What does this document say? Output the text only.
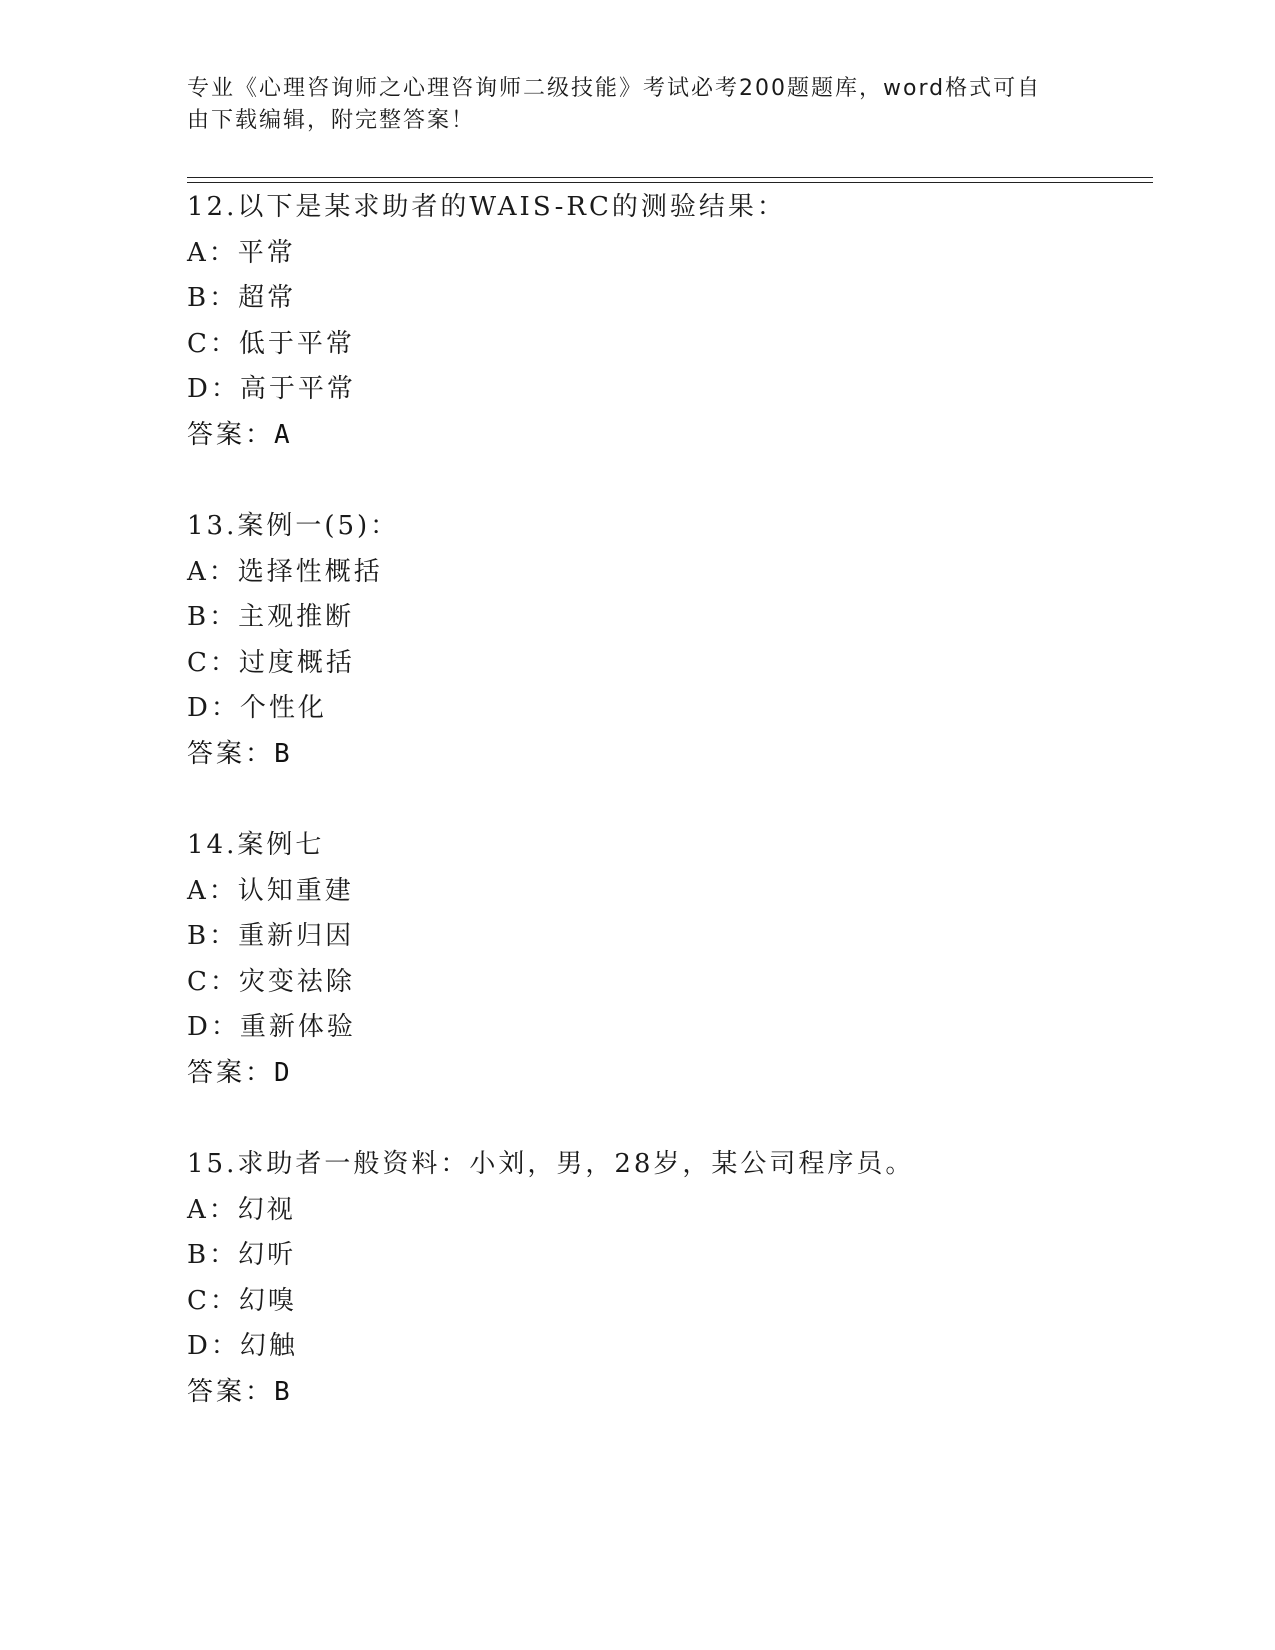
专业《心理咨询师之心理咨询师二级技能》考试必考200题题库，word格式可自
由下载编辑，附完整答案！
12.以下是某求助者的WAIS-RC的测验结果：
A：平常
B：超常
C：低于平常
D：高于平常
答案：A
13.案例一(5)：
A：选择性概括
B：主观推断
C：过度概括
D：个性化
答案：B
14.案例七
A：认知重建
B：重新归因
C：灾变祛除
D：重新体验
答案：D
15.求助者一般资料：小刘，男，28岁，某公司程序员。
A：幻视
B：幻听
C：幻嗅
D：幻触
答案：B
